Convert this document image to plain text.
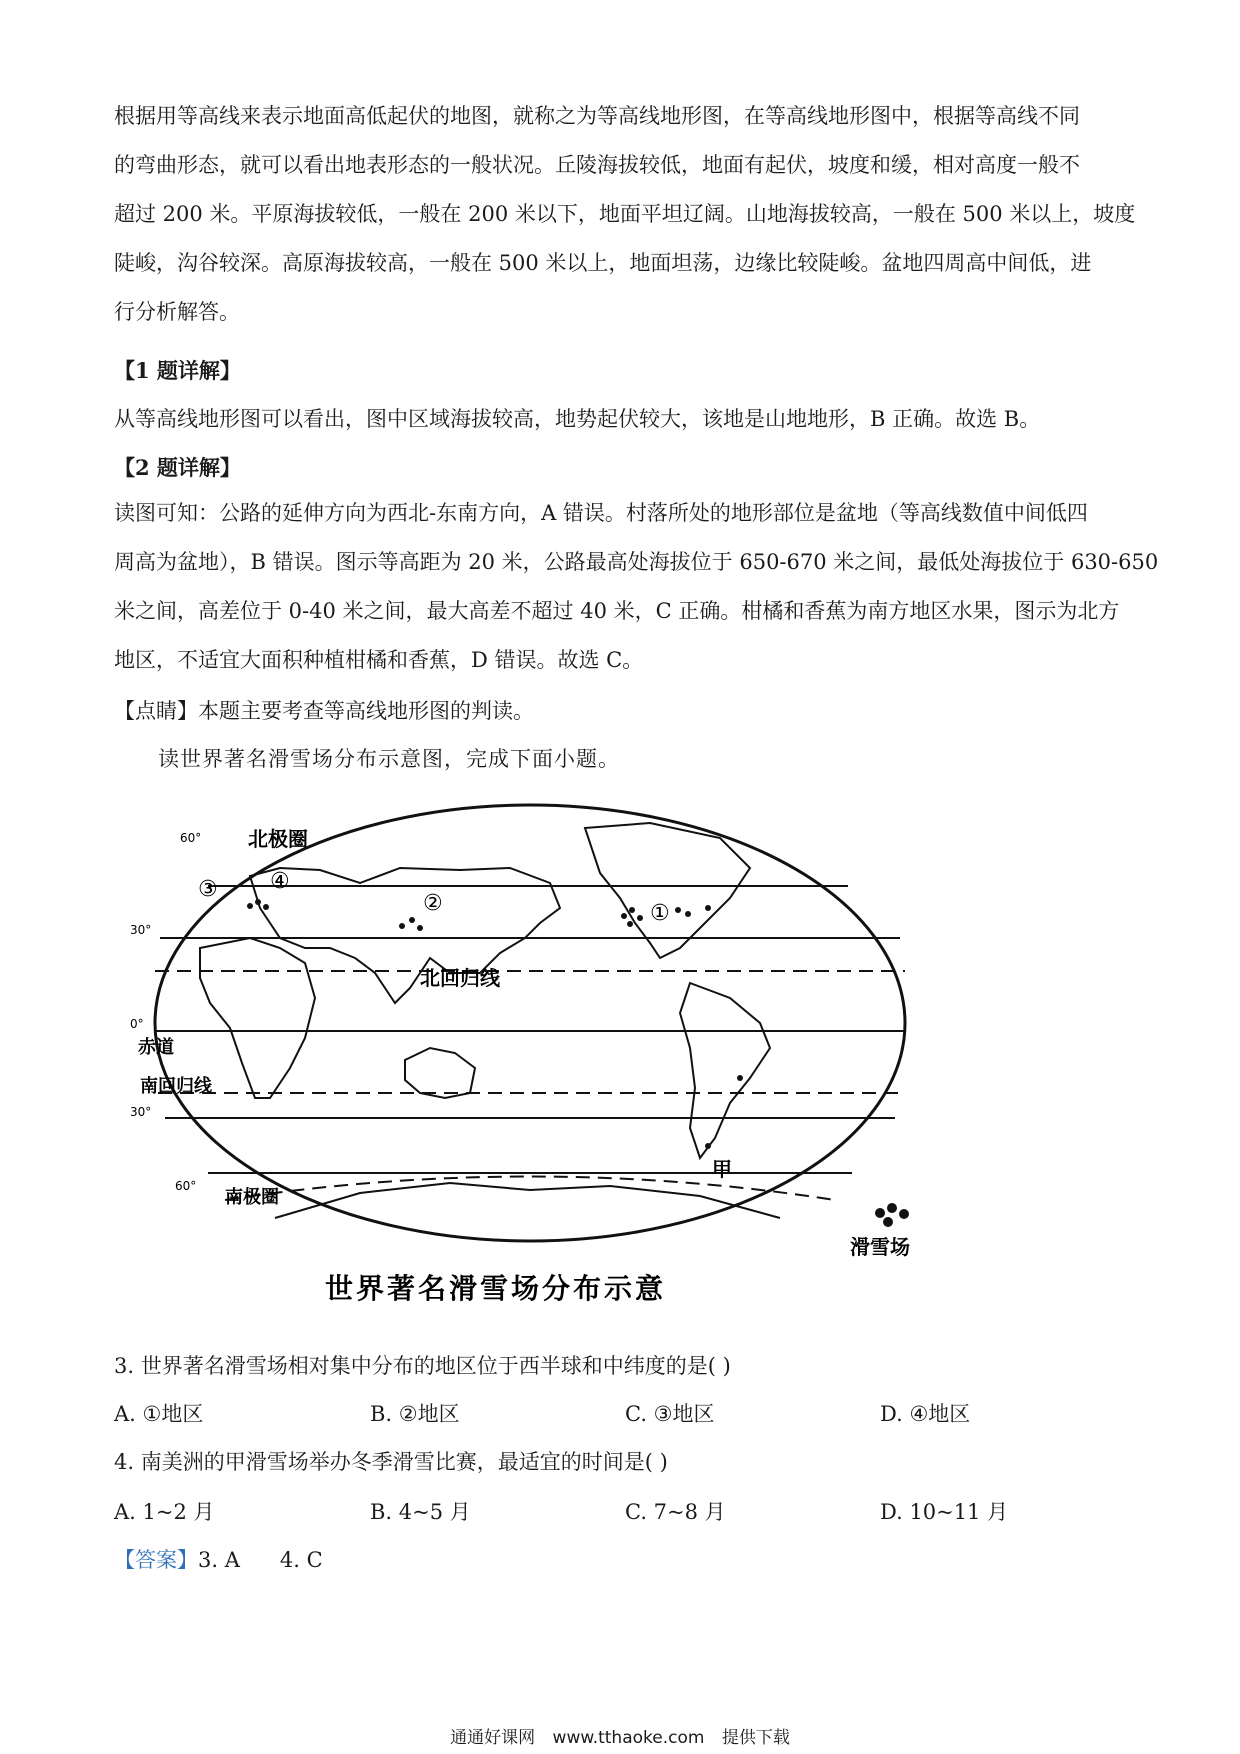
根据用等高线来表示地面高低起伏的地图，就称之为等高线地形图，在等高线地形图中，根据等高线不同
的弯曲形态，就可以看出地表形态的一般状况。丘陵海拔较低，地面有起伏，坡度和缓，相对高度一般不
超过 200 米。平原海拔较低，一般在 200 米以下，地面平坦辽阔。山地海拔较高，一般在 500 米以上，坡度
陡峻，沟谷较深。高原海拔较高，一般在 500 米以上，地面坦荡，边缘比较陡峻。盆地四周高中间低，进
行分析解答。

【1 题详解】

从等高线地形图可以看出，图中区域海拔较高，地势起伏较大，该地是山地地形，B 正确。故选 B。

【2 题详解】

读图可知：公路的延伸方向为西北-东南方向，A 错误。村落所处的地形部位是盆地（等高线数值中间低四
周高为盆地），B 错误。图示等高距为 20 米，公路最高处海拔位于 650-670 米之间，最低处海拔位于 630-650
米之间，高差位于 0-40 米之间，最大高差不超过 40 米，C 正确。柑橘和香蕉为南方地区水果，图示为北方
地区，不适宜大面积种植柑橘和香蕉，D 错误。故选 C。

【点睛】本题主要考查等高线地形图的判读。

读世界著名滑雪场分布示意图，完成下面小题。

北极圈
北回归线
赤道
南回归线
南极圈
甲
①
②
③ ④
60°
30°
0°
30°
60°
滑雪场
世界著名滑雪场分布示意

3. 世界著名滑雪场相对集中分布的地区位于西半球和中纬度的是( )

A. ①地区	B. ②地区	C. ③地区	D. ④地区

4. 南美洲的甲滑雪场举办冬季滑雪比赛，最适宜的时间是( )

A. 1~2 月	B. 4~5 月	C. 7~8 月	D. 10~11 月

【答案】3. A      4. C

通通好课网 www.tthaoke.com 提供下载
